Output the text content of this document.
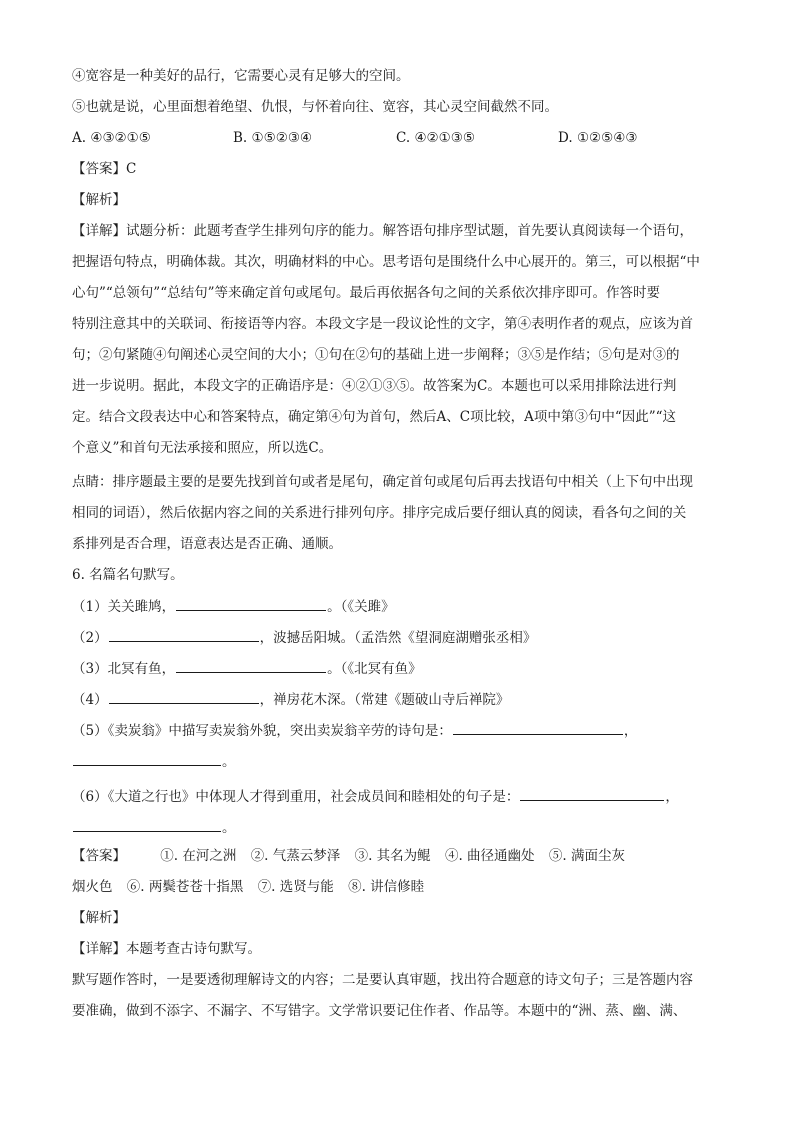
④宽容是一种美好的品行，它需要心灵有足够大的空间。
⑤也就是说，心里面想着绝望、仇恨，与怀着向往、宽容，其心灵空间截然不同。
A. ④③②①⑤	B. ①⑤②③④	C. ④②①③⑤	D. ①②⑤④③
【答案】C
【解析】
【详解】试题分析：此题考查学生排列句序的能力。解答语句排序型试题，首先要认真阅读每一个语句，
把握语句特点，明确体裁。其次，明确材料的中心。思考语句是围绕什么中心展开的。第三，可以根据“中
心句”“总领句”“总结句”等来确定首句或尾句。最后再依据各句之间的关系依次排序即可。作答时要
特别注意其中的关联词、衔接语等内容。本段文字是一段议论性的文字，第④表明作者的观点，应该为首
句；②句紧随④句阐述心灵空间的大小；①句在②句的基础上进一步阐释；③⑤是作结；⑤句是对③的
进一步说明。据此，本段文字的正确语序是：④②①③⑤。故答案为C。本题也可以采用排除法进行判
定。结合文段表达中心和答案特点，确定第④句为首句，然后A、C项比较，A项中第③句中“因此”“这
个意义”和首句无法承接和照应，所以选C。
点睛：排序题最主要的是要先找到首句或者是尾句，确定首句或尾句后再去找语句中相关（上下句中出现
相同的词语），然后依据内容之间的关系进行排列句序。排序完成后要仔细认真的阅读，看各句之间的关
系排列是否合理，语意表达是否正确、通顺。
6. 名篇名句默写。
（1）关关雎鸠，	。（《关雎》
（2）	，波撼岳阳城。（孟浩然《望洞庭湖赠张丞相》
（3）北冥有鱼，	。（《北冥有鱼》
（4）	，禅房花木深。（常建《题破山寺后禅院》
（5）《卖炭翁》中描写卖炭翁外貌，突出卖炭翁辛劳的诗句是：	，
。
（6）《大道之行也》中体现人才得到重用，社会成员间和睦相处的句子是：	，
。
【答案】	①. 在河之洲 ②. 气蒸云梦泽 ③. 其名为鲲 ④. 曲径通幽处 ⑤. 满面尘灰
烟火色 ⑥. 两鬓苍苍十指黑 ⑦. 选贤与能 ⑧. 讲信修睦
【解析】
【详解】本题考查古诗句默写。
默写题作答时，一是要透彻理解诗文的内容；二是要认真审题，找出符合题意的诗文句子；三是答题内容
要准确，做到不添字、不漏字、不写错字。文学常识要记住作者、作品等。本题中的“洲、蒸、幽、满、
